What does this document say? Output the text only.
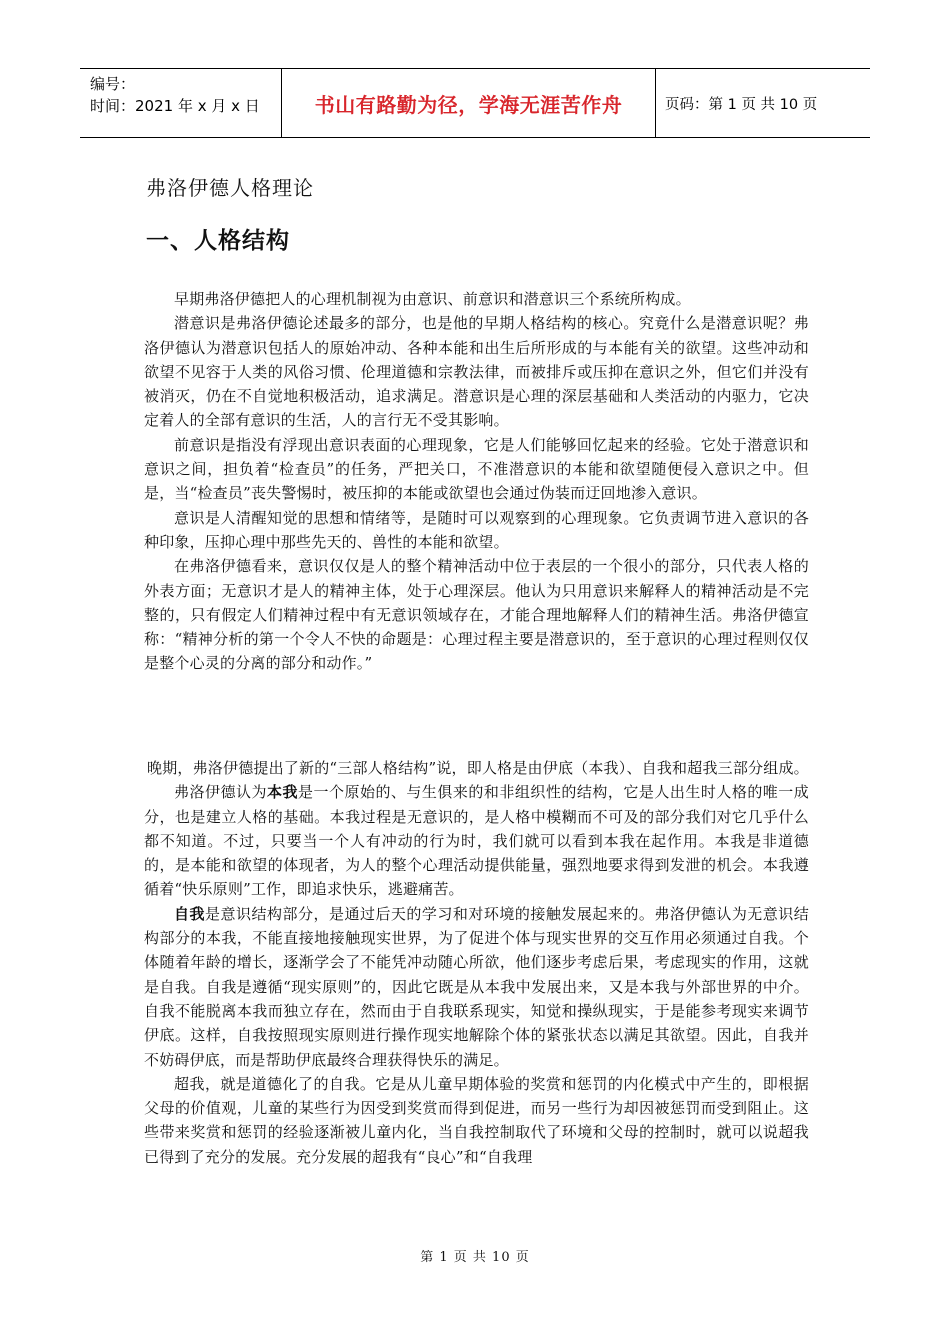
编号：
时间：2021 年 x 月 x 日	书山有路勤为径，学海无涯苦作舟	页码：第 1 页 共 10 页
弗洛伊德人格理论
一、人格结构

早期弗洛伊德把人的心理机制视为由意识、前意识和潜意识三个系统所构成。

潜意识是弗洛伊德论述最多的部分，也是他的早期人格结构的核心。究竟什么是潜意识呢？弗洛伊德认为潜意识包括人的原始冲动、各种本能和出生后所形成的与本能有关的欲望。这些冲动和欲望不见容于人类的风俗习惯、伦理道德和宗教法律，而被排斥或压抑在意识之外，但它们并没有被消灭，仍在不自觉地积极活动，追求满足。潜意识是心理的深层基础和人类活动的内驱力，它决定着人的全部有意识的生活，人的言行无不受其影响。

前意识是指没有浮现出意识表面的心理现象，它是人们能够回忆起来的经验。它处于潜意识和意识之间，担负着“检查员”的任务，严把关口，不准潜意识的本能和欲望随便侵入意识之中。但是，当“检查员”丧失警惕时，被压抑的本能或欲望也会通过伪装而迂回地渗入意识。

意识是人清醒知觉的思想和情绪等，是随时可以观察到的心理现象。它负责调节进入意识的各种印象，压抑心理中那些先天的、兽性的本能和欲望。

在弗洛伊德看来，意识仅仅是人的整个精神活动中位于表层的一个很小的部分，只代表人格的外表方面；无意识才是人的精神主体，处于心理深层。他认为只用意识来解释人的精神活动是不完整的，只有假定人们精神过程中有无意识领域存在，才能合理地解释人们的精神生活。弗洛伊德宣称：“精神分析的第一个令人不快的命题是：心理过程主要是潜意识的，至于意识的心理过程则仅仅是整个心灵的分离的部分和动作。”

晚期，弗洛伊德提出了新的“三部人格结构”说，即人格是由伊底（本我）、自我和超我三部分组成。

弗洛伊德认为本我是一个原始的、与生俱来的和非组织性的结构，它是人出生时人格的唯一成分，也是建立人格的基础。本我过程是无意识的，是人格中模糊而不可及的部分我们对它几乎什么都不知道。不过，只要当一个人有冲动的行为时，我们就可以看到本我在起作用。本我是非道德的，是本能和欲望的体现者，为人的整个心理活动提供能量，强烈地要求得到发泄的机会。本我遵循着“快乐原则”工作，即追求快乐，逃避痛苦。

自我是意识结构部分，是通过后天的学习和对环境的接触发展起来的。弗洛伊德认为无意识结构部分的本我，不能直接地接触现实世界，为了促进个体与现实世界的交互作用必须通过自我。个体随着年龄的增长，逐渐学会了不能凭冲动随心所欲，他们逐步考虑后果，考虑现实的作用，这就是自我。自我是遵循“现实原则”的，因此它既是从本我中发展出来，又是本我与外部世界的中介。自我不能脱离本我而独立存在，然而由于自我联系现实，知觉和操纵现实，于是能参考现实来调节伊底。这样，自我按照现实原则进行操作现实地解除个体的紧张状态以满足其欲望。因此，自我并不妨碍伊底，而是帮助伊底最终合理获得快乐的满足。

超我，就是道德化了的自我。它是从儿童早期体验的奖赏和惩罚的内化模式中产生的，即根据父母的价值观，儿童的某些行为因受到奖赏而得到促进，而另一些行为却因被惩罚而受到阻止。这些带来奖赏和惩罚的经验逐渐被儿童内化，当自我控制取代了环境和父母的控制时，就可以说超我已得到了充分的发展。充分发展的超我有“良心”和“自我理

第 1 页 共 10 页
